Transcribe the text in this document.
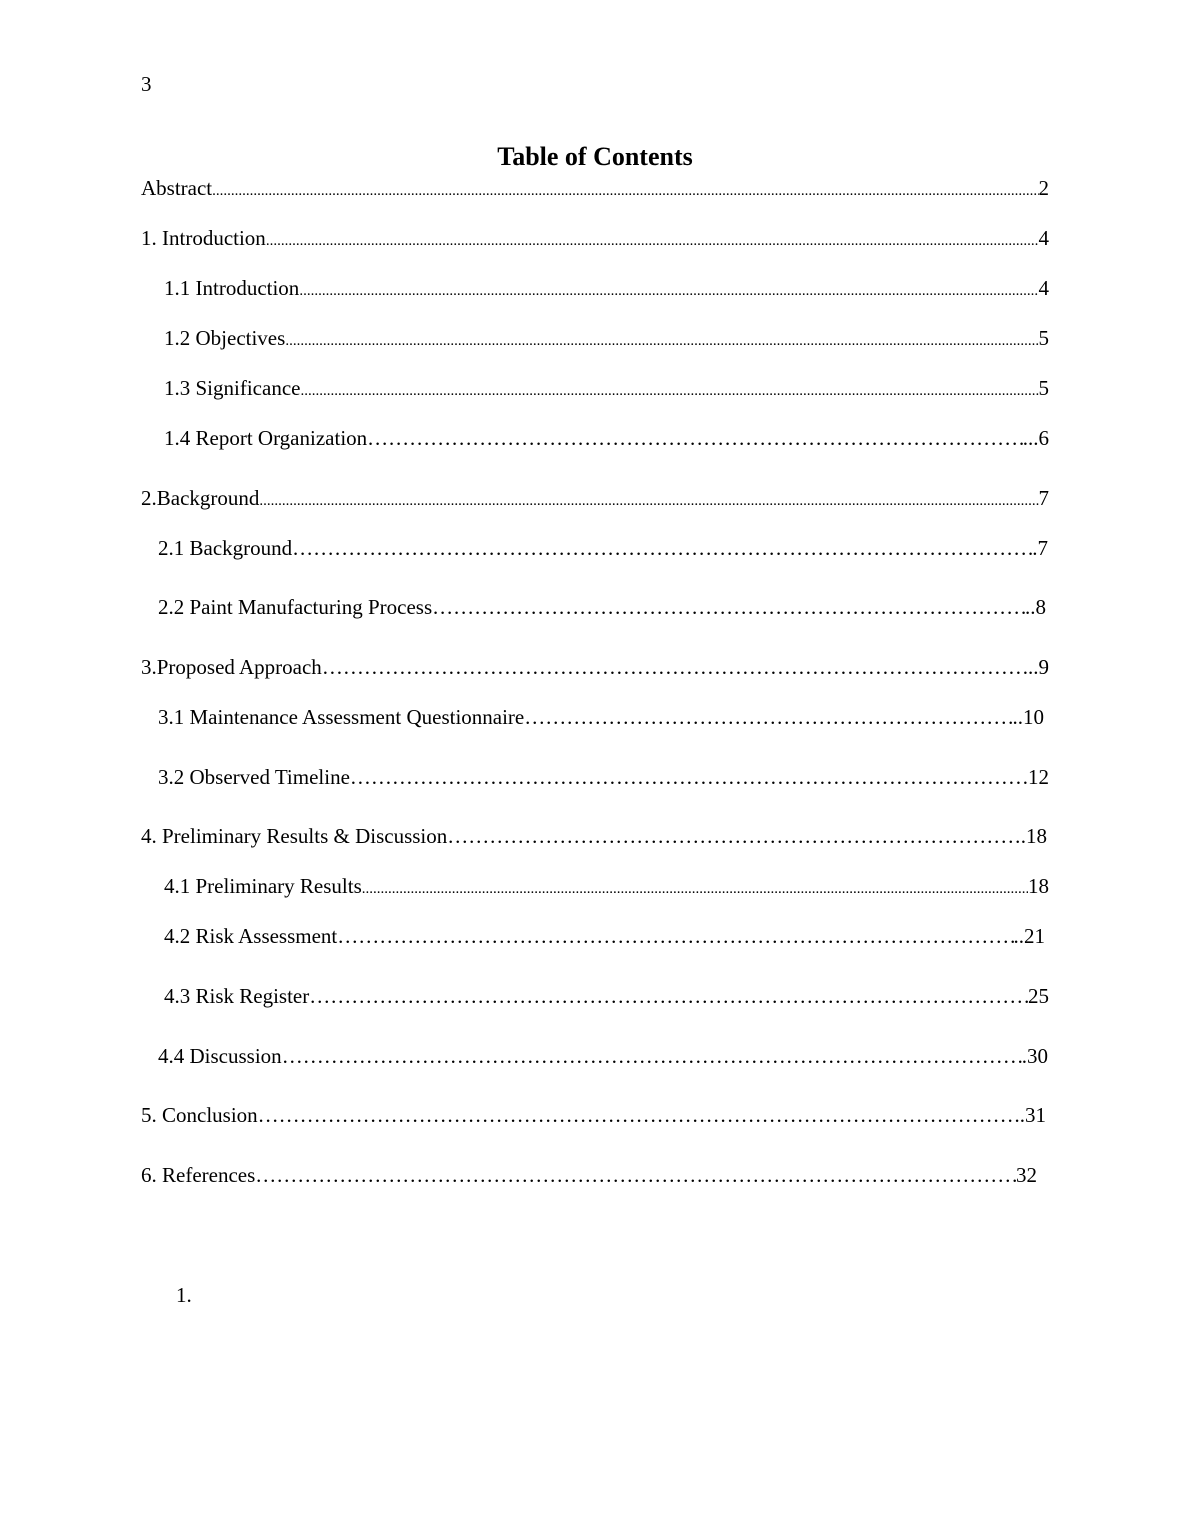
3
Table of Contents
Abstract .....	2
1. Introduction .....	4
1.1 Introduction .....	4
1.2 Objectives .....	5
1.3 Significance .....	5
1.4 Report Organization ………………………………………………………………………………………………………………………………………………………………………………………………………………………………………………………	...6
2.Background .....	7
2.1 Background ………………………………………………………………………………………………………………………………………………………………………………………………………………………………………………………	.7
2.2 Paint Manufacturing Process ………………………………………………………………………………………………………………………………………………………………………………………………………………………………………………………	..8
3.Proposed Approach ………………………………………………………………………………………………………………………………………………………………………………………………………………………………………………………	...9
3.1 Maintenance Assessment Questionnaire ………………………………………………………………………………………………………………………………………………………………………………………………………………………………………………………	..10
3.2 Observed Timeline ………………………………………………………………………………………………………………………………………………………………………………………………………………………………………………………	12
4. Preliminary Results & Discussion ………………………………………………………………………………………………………………………………………………………………………………………………………………………………………………………	.18
4.1 Preliminary Results .....	18
4.2 Risk Assessment ………………………………………………………………………………………………………………………………………………………………………………………………………………………………………………………	..21
4.3 Risk Register ………………………………………………………………………………………………………………………………………………………………………………………………………………………………………………………	25
4.4 Discussion ………………………………………………………………………………………………………………………………………………………………………………………………………………………………………………………	.30
5. Conclusion ………………………………………………………………………………………………………………………………………………………………………………………………………………………………………………………	.31
6. References ………………………………………………………………………………………………………………………………………………………………………………………………………………………………………………………	32
1.
